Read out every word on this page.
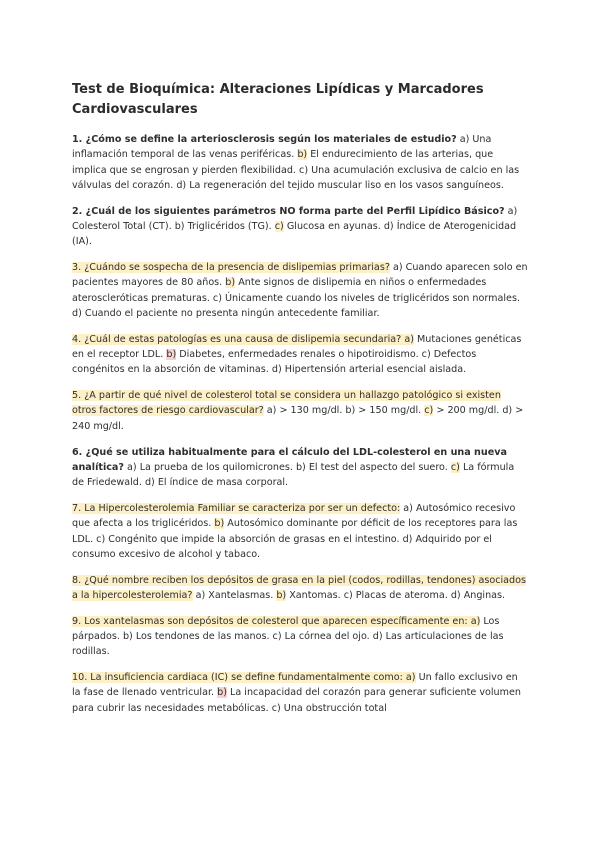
Test de Bioquímica: Alteraciones Lipídicas y Marcadores Cardiovasculares

1. ¿Cómo se define la arteriosclerosis según los materiales de estudio? a) Una inflamación temporal de las venas periféricas. b) El endurecimiento de las arterias, que implica que se engrosan y pierden flexibilidad. c) Una acumulación exclusiva de calcio en las válvulas del corazón. d) La regeneración del tejido muscular liso en los vasos sanguíneos.

2. ¿Cuál de los siguientes parámetros NO forma parte del Perfil Lipídico Básico? a) Colesterol Total (CT). b) Triglicéridos (TG). c) Glucosa en ayunas. d) Índice de Aterogenicidad (IA).

3. ¿Cuándo se sospecha de la presencia de dislipemias primarias? a) Cuando aparecen solo en pacientes mayores de 80 años. b) Ante signos de dislipemia en niños o enfermedades ateroscleróticas prematuras. c) Únicamente cuando los niveles de triglicéridos son normales. d) Cuando el paciente no presenta ningún antecedente familiar.

4. ¿Cuál de estas patologías es una causa de dislipemia secundaria? a) Mutaciones genéticas en el receptor LDL. b) Diabetes, enfermedades renales o hipotiroidismo. c) Defectos congénitos en la absorción de vitaminas. d) Hipertensión arterial esencial aislada.

5. ¿A partir de qué nivel de colesterol total se considera un hallazgo patológico si existen otros factores de riesgo cardiovascular? a) > 130 mg/dl. b) > 150 mg/dl. c) > 200 mg/dl. d) > 240 mg/dl.

6. ¿Qué se utiliza habitualmente para el cálculo del LDL-colesterol en una nueva analítica? a) La prueba de los quilomicrones. b) El test del aspecto del suero. c) La fórmula de Friedewald. d) El índice de masa corporal.

7. La Hipercolesterolemia Familiar se caracteriza por ser un defecto: a) Autosómico recesivo que afecta a los triglicéridos. b) Autosómico dominante por déficit de los receptores para las LDL. c) Congénito que impide la absorción de grasas en el intestino. d) Adquirido por el consumo excesivo de alcohol y tabaco.

8. ¿Qué nombre reciben los depósitos de grasa en la piel (codos, rodillas, tendones) asociados a la hipercolesterolemia? a) Xantelasmas. b) Xantomas. c) Placas de ateroma. d) Anginas.

9. Los xantelasmas son depósitos de colesterol que aparecen específicamente en: a) Los párpados. b) Los tendones de las manos. c) La córnea del ojo. d) Las articulaciones de las rodillas.

10. La insuficiencia cardiaca (IC) se define fundamentalmente como: a) Un fallo exclusivo en la fase de llenado ventricular. b) La incapacidad del corazón para generar suficiente volumen para cubrir las necesidades metabólicas. c) Una obstrucción total
